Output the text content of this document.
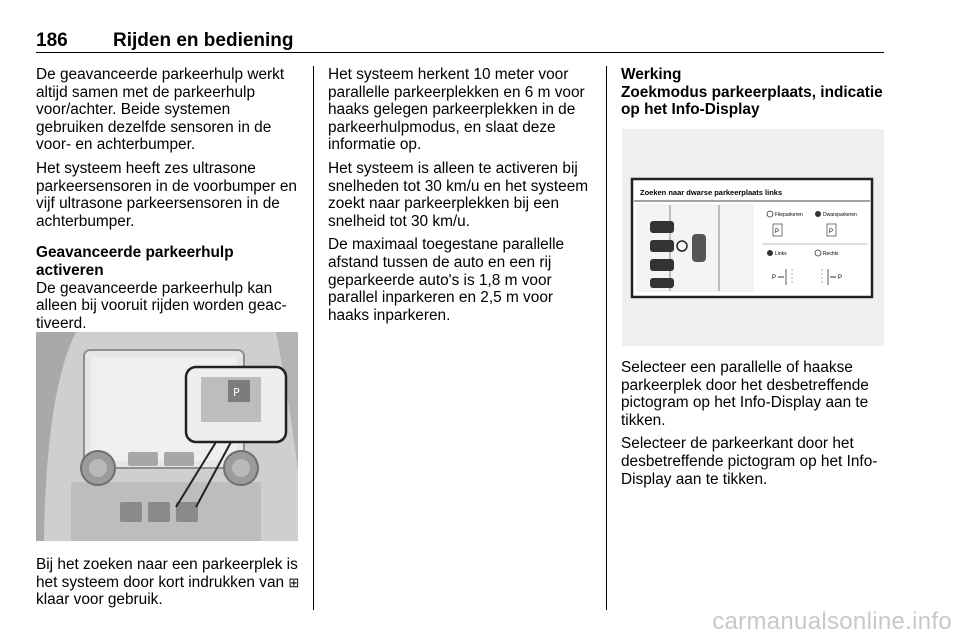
186 Rijden en bediening

De geavanceerde parkeerhulp werkt altijd samen met de parkeerhulp voor/achter. Beide systemen gebruiken dezelfde sensoren in de voor- en achterbumper.

Het systeem heeft zes ultrasone parkeersensoren in de voorbumper en vijf ultrasone parkeersensoren in de achterbumper.

Geavanceerde parkeerhulp activeren

De geavanceerde parkeerhulp kan alleen bij vooruit rijden worden geac-tiveerd.

P

Bij het zoeken naar een parkeerplek is het systeem door kort indrukken van ⊞ klaar voor gebruik.

Het systeem herkent 10 meter voor parallelle parkeerplekken en 6 m voor haaks gelegen parkeerplekken in de parkeerhulpmodus, en slaat deze informatie op.

Het systeem is alleen te activeren bij snelheden tot 30 km/u en het systeem zoekt naar parkeerplekken bij een snelheid tot 30 km/u.

De maximaal toegestane parallelle afstand tussen de auto en een rij geparkeerde auto's is 1,8 m voor parallel inparkeren en 2,5 m voor haaks inparkeren.

Werking
Zoekmodus parkeerplaats, indicatie op het Info-Display
Zoeken naar dwarse parkeerplaats links
Fileparkeren	Dwarsparkeren
P	P
Links	Rechts
P	P

Selecteer een parallelle of haakse parkeerplek door het desbetreffende pictogram op het Info-Display aan te tikken.

Selecteer de parkeerkant door het desbetreffende pictogram op het Info-Display aan te tikken.

carmanualsonline.info
